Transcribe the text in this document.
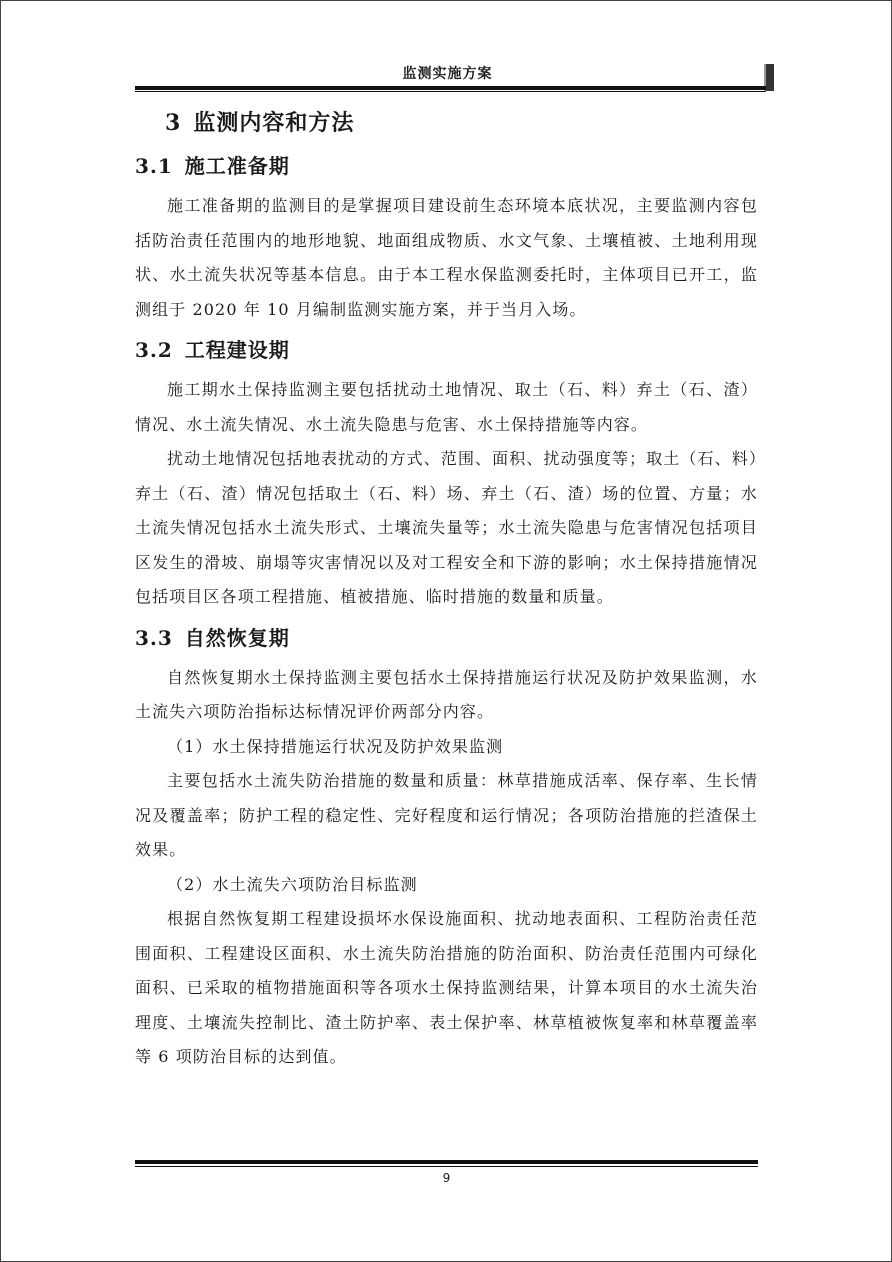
监测实施方案
3 监测内容和方法
3.1 施工准备期

施工准备期的监测目的是掌握项目建设前生态环境本底状况，主要监测内容包括防治责任范围内的地形地貌、地面组成物质、水文气象、土壤植被、土地利用现状、水土流失状况等基本信息。由于本工程水保监测委托时，主体项目已开工，监测组于 2020 年 10 月编制监测实施方案，并于当月入场。

3.2 工程建设期

施工期水土保持监测主要包括扰动土地情况、取土（石、料）弃土（石、渣）情况、水土流失情况、水土流失隐患与危害、水土保持措施等内容。

扰动土地情况包括地表扰动的方式、范围、面积、扰动强度等；取土（石、料）弃土（石、渣）情况包括取土（石、料）场、弃土（石、渣）场的位置、方量；水土流失情况包括水土流失形式、土壤流失量等；水土流失隐患与危害情况包括项目区发生的滑坡、崩塌等灾害情况以及对工程安全和下游的影响；水土保持措施情况包括项目区各项工程措施、植被措施、临时措施的数量和质量。

3.3 自然恢复期

自然恢复期水土保持监测主要包括水土保持措施运行状况及防护效果监测，水土流失六项防治指标达标情况评价两部分内容。

（1）水土保持措施运行状况及防护效果监测

主要包括水土流失防治措施的数量和质量：林草措施成活率、保存率、生长情况及覆盖率；防护工程的稳定性、完好程度和运行情况；各项防治措施的拦渣保土效果。

（2）水土流失六项防治目标监测

根据自然恢复期工程建设损坏水保设施面积、扰动地表面积、工程防治责任范围面积、工程建设区面积、水土流失防治措施的防治面积、防治责任范围内可绿化面积、已采取的植物措施面积等各项水土保持监测结果，计算本项目的水土流失治理度、土壤流失控制比、渣土防护率、表土保护率、林草植被恢复率和林草覆盖率等 6 项防治目标的达到值。

9
